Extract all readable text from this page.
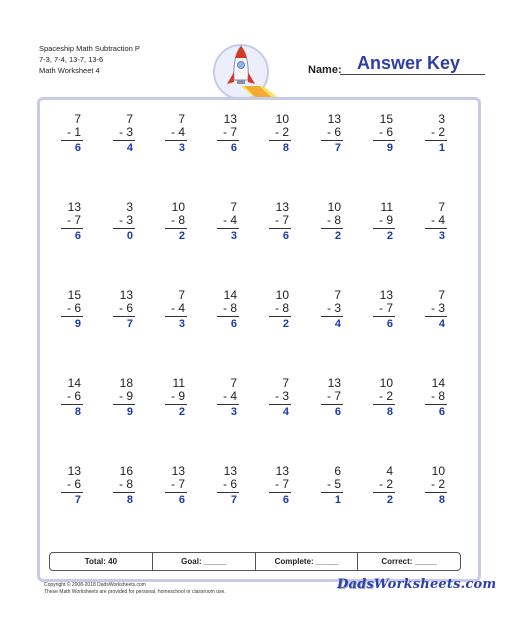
Spaceship Math Subtraction P
7-3, 7-4, 13-7, 13-6
Math Worksheet 4	Answer Key
Name:
7
- 1
6
7
- 3
4
7
- 4
3
13
- 7
6
10
- 2
8
13
- 6
7
15
- 6
9
3
- 2
1
13
- 7
6
3
- 3
0
10
- 8
2
7
- 4
3
13
- 7
6
10
- 8
2
11
- 9
2
7
- 4
3
15
- 6
9
13
- 6
7
7
- 4
3
14
- 8
6
10
- 8
2
7
- 3
4
13
- 7
6
7
- 3
4
14
- 6
8
18
- 9
9
11
- 9
2
7
- 4
3
7
- 3
4
13
- 7
6
10
- 2
8
14
- 8
6
13
- 6
7
16
- 8
8
13
- 7
6
13
- 6
7
13
- 7
6
6
- 5
1
4
- 2
2
10
- 2
8
Total: 40	Goal: _____	Complete: _____	Correct: _____
Copyright © 2008-2018 DadsWorksheets.com
These Math Worksheets are provided for personal, homeschool or classroom use.	DadsWorksheets.com
